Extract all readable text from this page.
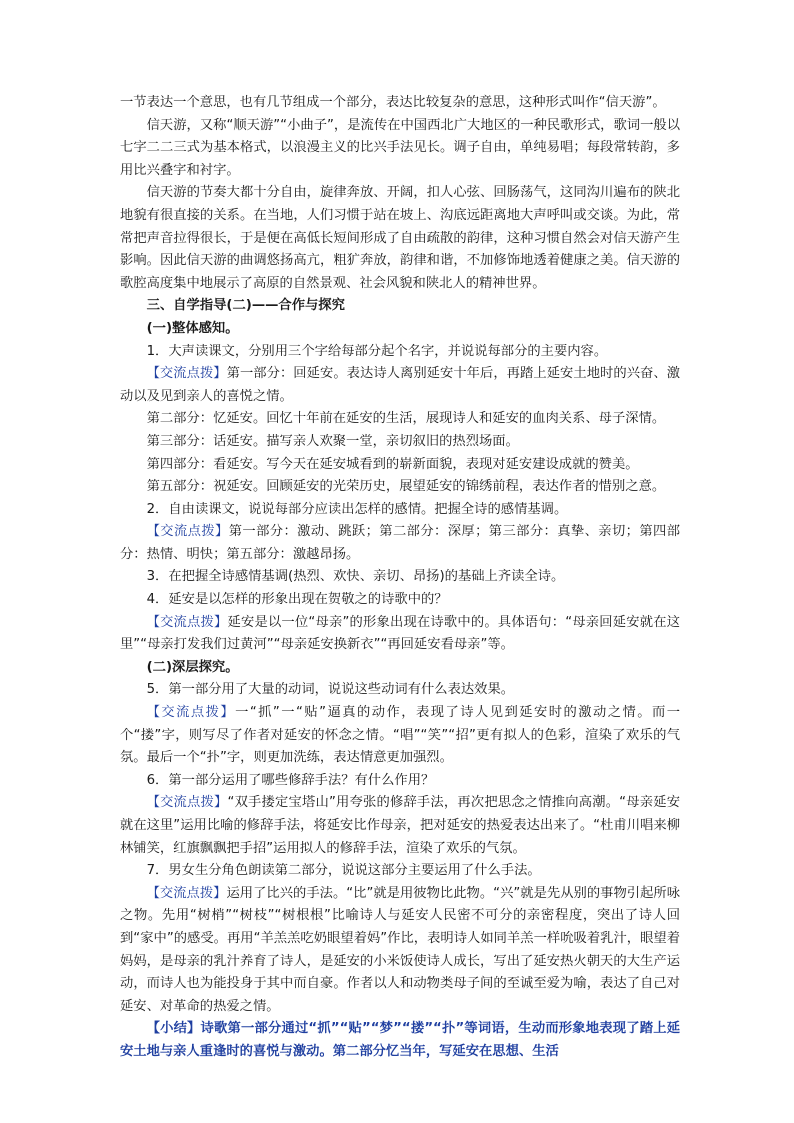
一节表达一个意思，也有几节组成一个部分，表达比较复杂的意思，这种形式叫作“信天游”。

信天游，又称“顺天游”“小曲子”，是流传在中国西北广大地区的一种民歌形式，歌词一般以七字二二三式为基本格式，以浪漫主义的比兴手法见长。调子自由，单纯易唱；每段常转韵，多用比兴叠字和衬字。

信天游的节奏大都十分自由，旋律奔放、开阔，扣人心弦、回肠荡气，这同沟川遍布的陕北地貌有很直接的关系。在当地，人们习惯于站在坡上、沟底远距离地大声呼叫或交谈。为此，常常把声音拉得很长，于是便在高低长短间形成了自由疏散的韵律，这种习惯自然会对信天游产生影响。因此信天游的曲调悠扬高亢，粗犷奔放，韵律和谐，不加修饰地透着健康之美。信天游的歌腔高度集中地展示了高原的自然景观、社会风貌和陕北人的精神世界。

三、自学指导(二)——合作与探究

(一)整体感知。

1．大声读课文，分别用三个字给每部分起个名字，并说说每部分的主要内容。

【交流点拨】第一部分：回延安。表达诗人离别延安十年后，再踏上延安土地时的兴奋、激动以及见到亲人的喜悦之情。

第二部分：忆延安。回忆十年前在延安的生活，展现诗人和延安的血肉关系、母子深情。

第三部分：话延安。描写亲人欢聚一堂，亲切叙旧的热烈场面。

第四部分：看延安。写今天在延安城看到的崭新面貌，表现对延安建设成就的赞美。

第五部分：祝延安。回顾延安的光荣历史，展望延安的锦绣前程，表达作者的惜别之意。

2．自由读课文，说说每部分应读出怎样的感情。把握全诗的感情基调。

【交流点拨】第一部分：激动、跳跃；第二部分：深厚；第三部分：真挚、亲切；第四部分：热情、明快；第五部分：激越昂扬。

3．在把握全诗感情基调(热烈、欢快、亲切、昂扬)的基础上齐读全诗。

4．延安是以怎样的形象出现在贺敬之的诗歌中的？

【交流点拨】延安是以一位“母亲”的形象出现在诗歌中的。具体语句：“母亲回延安就在这里”“母亲打发我们过黄河”“母亲延安换新衣”“再回延安看母亲”等。

(二)深层探究。

5．第一部分用了大量的动词，说说这些动词有什么表达效果。

【交流点拨】一“抓”一“贴”逼真的动作，表现了诗人见到延安时的激动之情。而一个“搂”字，则写尽了作者对延安的怀念之情。“唱”“笑”“招”更有拟人的色彩，渲染了欢乐的气氛。最后一个“扑”字，则更加洗练，表达情意更加强烈。

6．第一部分运用了哪些修辞手法？有什么作用？

【交流点拨】“双手搂定宝塔山”用夸张的修辞手法，再次把思念之情推向高潮。“母亲延安就在这里”运用比喻的修辞手法，将延安比作母亲，把对延安的热爱表达出来了。“杜甫川唱来柳林铺笑，红旗飘飘把手招”运用拟人的修辞手法，渲染了欢乐的气氛。

7．男女生分角色朗读第二部分，说说这部分主要运用了什么手法。

【交流点拨】运用了比兴的手法。“比”就是用彼物比此物。“兴”就是先从别的事物引起所咏之物。先用“树梢”“树枝”“树根根”比喻诗人与延安人民密不可分的亲密程度，突出了诗人回到“家中”的感受。再用“羊羔羔吃奶眼望着妈”作比，表明诗人如同羊羔一样吮吸着乳汁，眼望着妈妈，是母亲的乳汁养育了诗人，是延安的小米饭使诗人成长，写出了延安热火朝天的大生产运动，而诗人也为能投身于其中而自豪。作者以人和动物类母子间的至诚至爱为喻，表达了自己对延安、对革命的热爱之情。

【小结】诗歌第一部分通过“抓”“贴”“梦”“搂”“扑”等词语，生动而形象地表现了踏上延安土地与亲人重逢时的喜悦与激动。第二部分忆当年，写延安在思想、生活
